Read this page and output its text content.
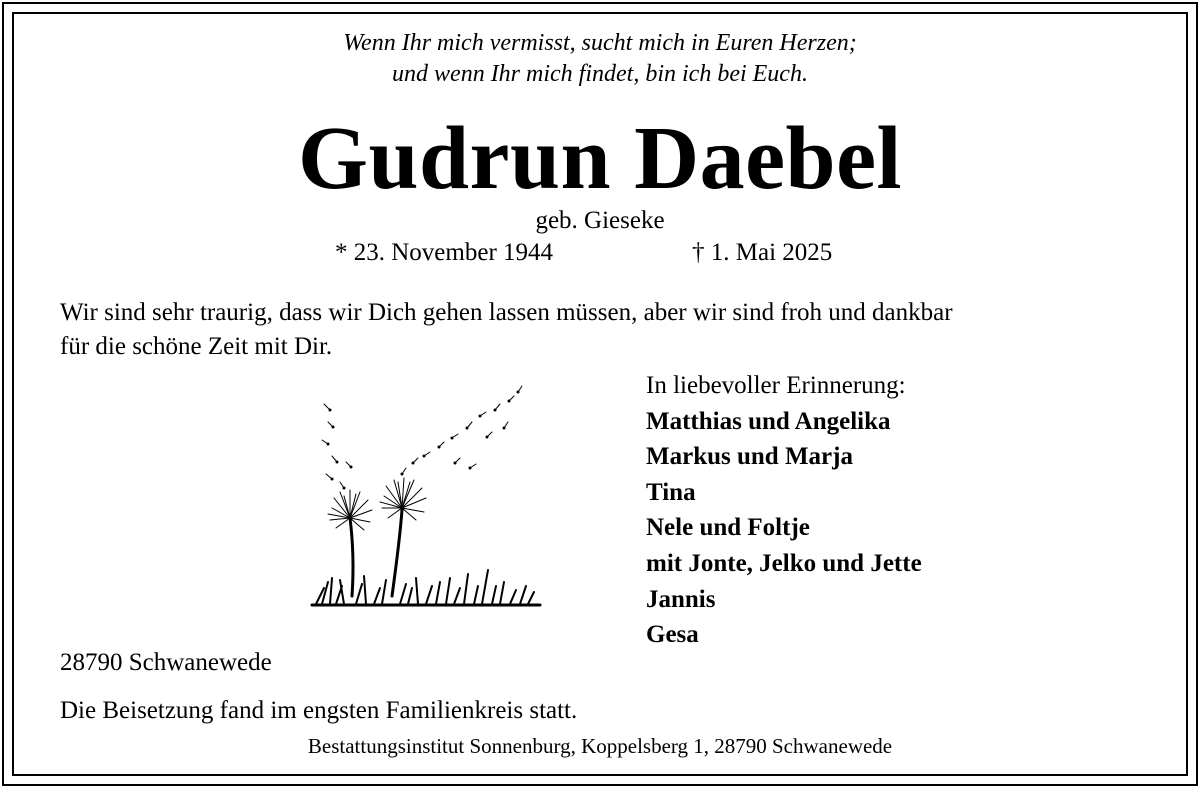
Wenn Ihr mich vermisst, sucht mich in Euren Herzen;
und wenn Ihr mich findet, bin ich bei Euch.
Gudrun Daebel
geb. Gieseke
* 23. November 1944	† 1. Mai 2025
Wir sind sehr traurig, dass wir Dich gehen lassen müssen, aber wir sind froh und dankbar
für die schöne Zeit mit Dir.
In liebevoller Erinnerung:
Matthias und Angelika
Markus und Marja
Tina
Nele und Foltje
mit Jonte, Jelko und Jette
Jannis
Gesa
28790 Schwanewede
Die Beisetzung fand im engsten Familienkreis statt.
Bestattungsinstitut Sonnenburg, Koppelsberg 1, 28790 Schwanewede
